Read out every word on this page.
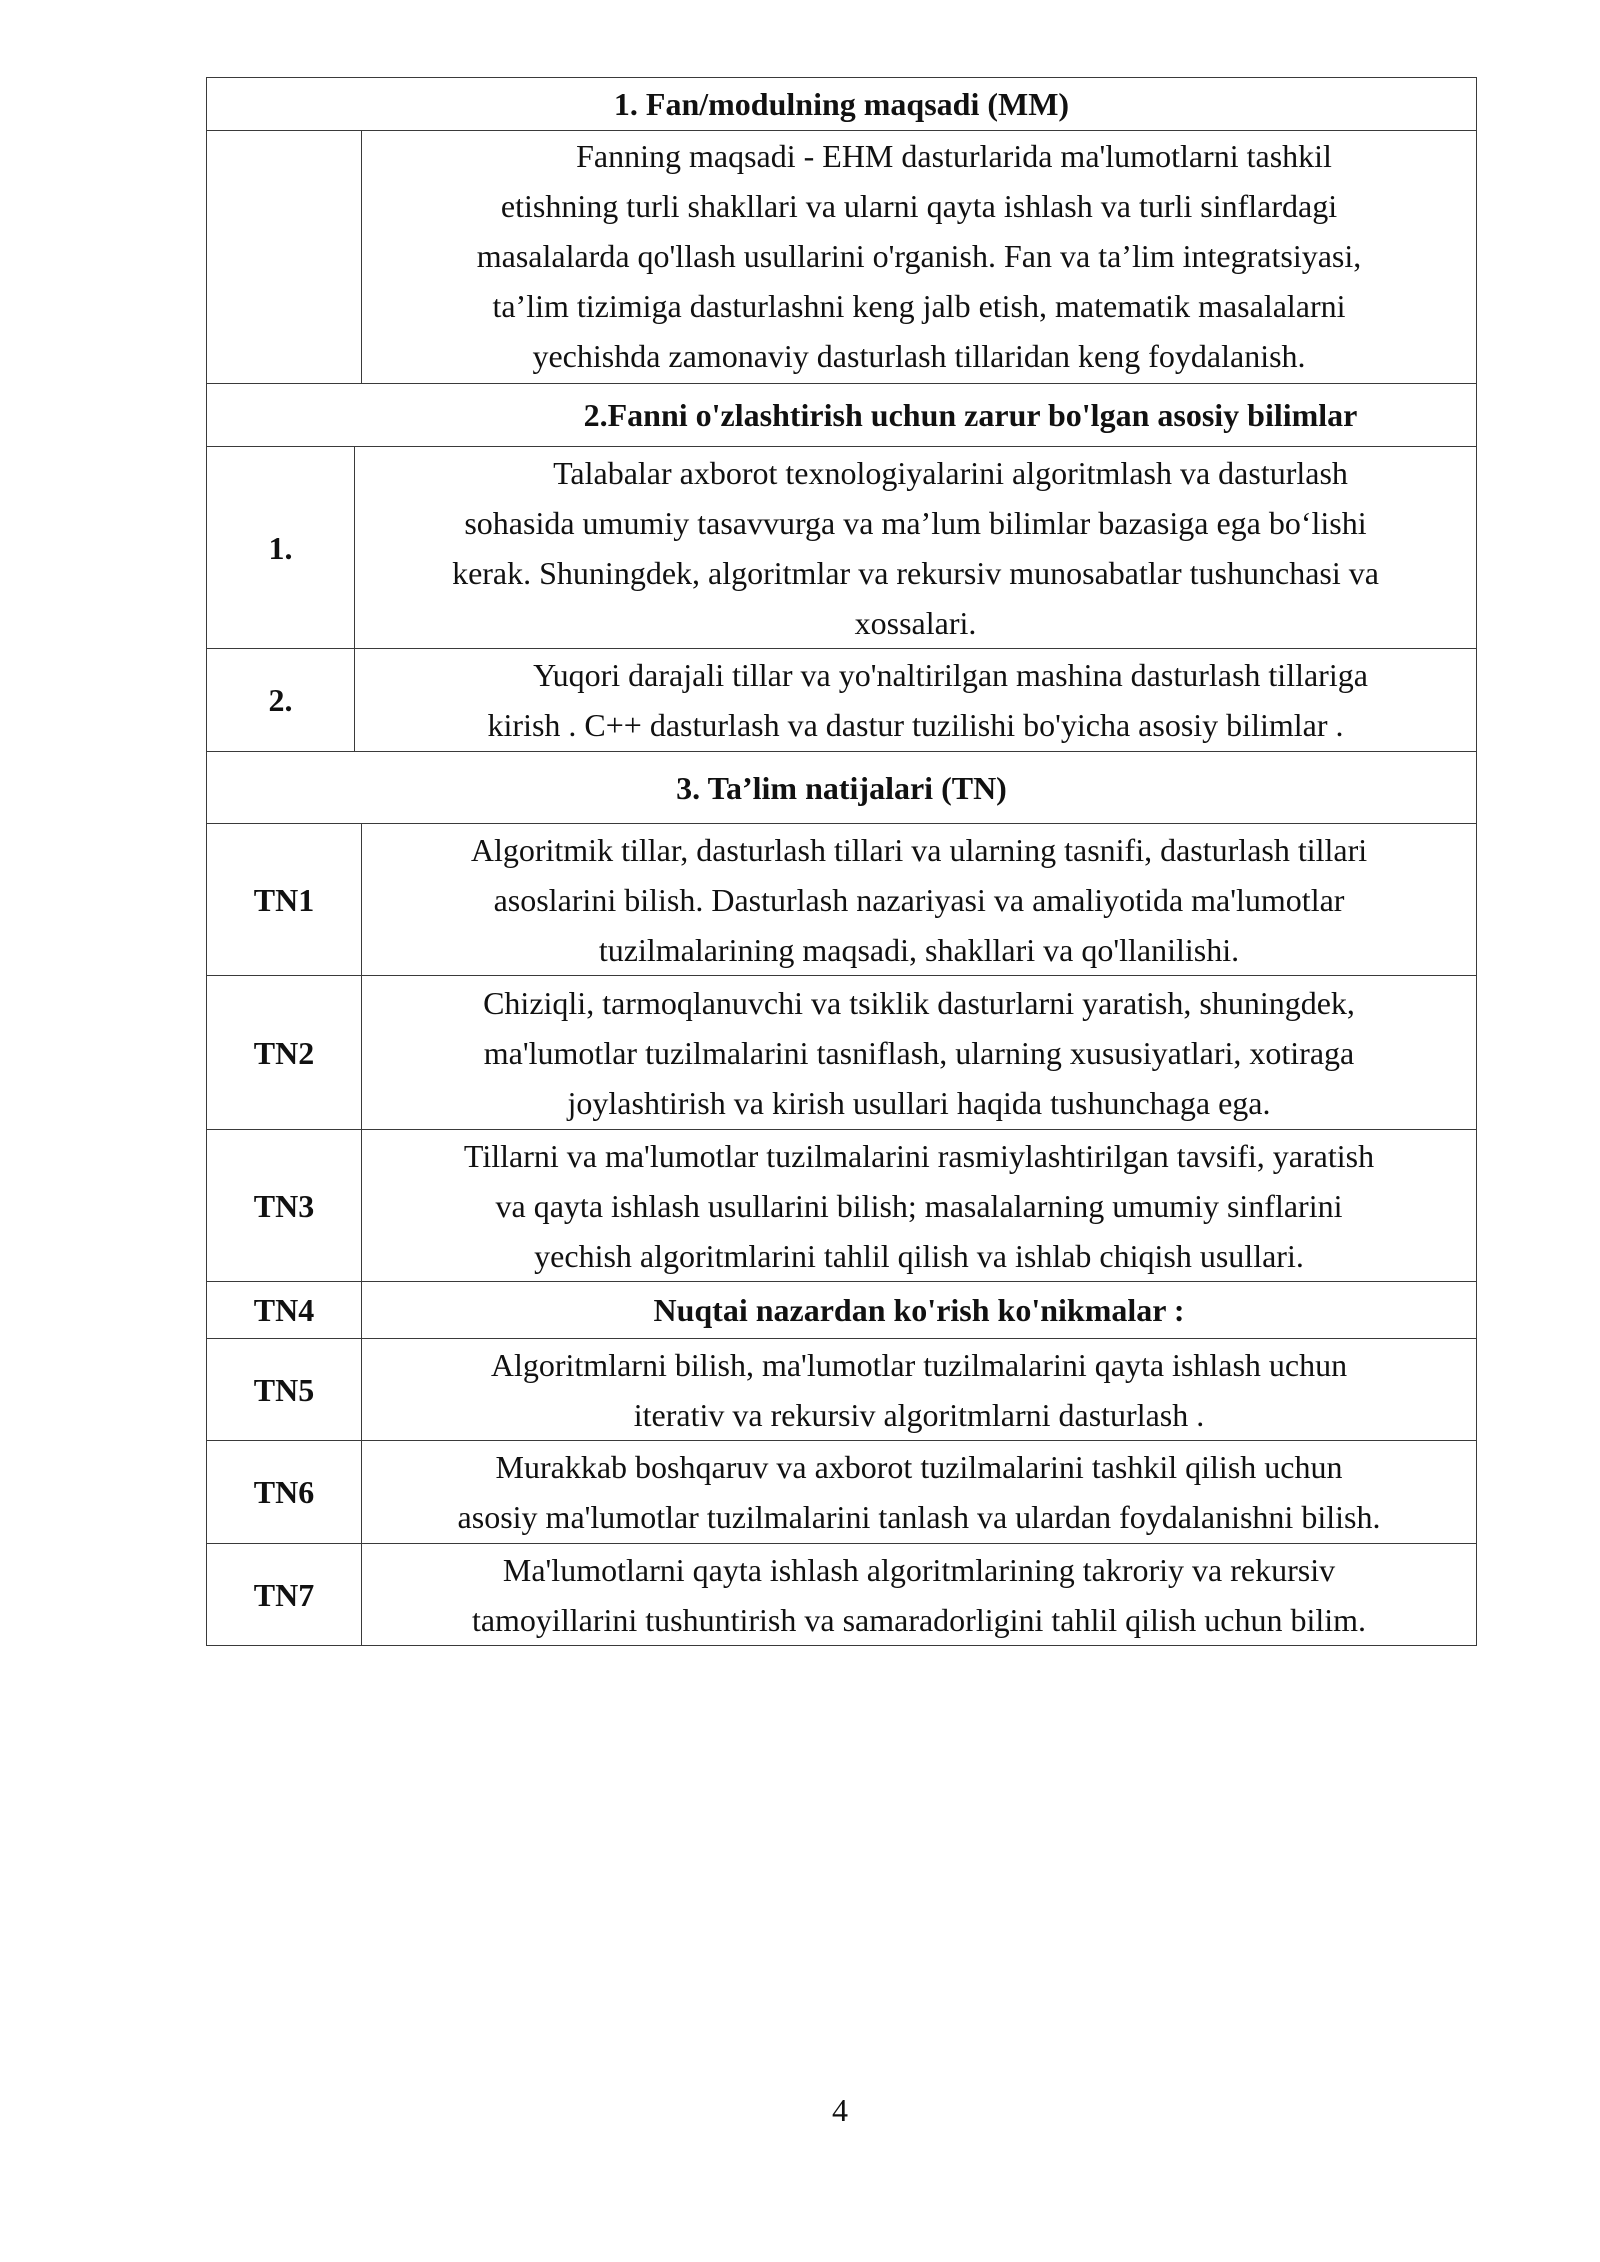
1. Fan/modulning maqsadi (MM)
Fanning maqsadi - EHM dasturlarida ma'lumotlarni tashkil
etishning turli shakllari va ularni qayta ishlash va turli sinflardagi
masalalarda qo'llash usullarini o'rganish. Fan va ta’lim integratsiyasi,
ta’lim tizimiga dasturlashni keng jalb etish, matematik masalalarni
yechishda zamonaviy dasturlash tillaridan keng foydalanish.
2.Fanni o'zlashtirish uchun zarur bo'lgan asosiy bilimlar
1.
Talabalar axborot texnologiyalarini algoritmlash va dasturlash
sohasida umumiy tasavvurga va ma’lum bilimlar bazasiga ega bo‘lishi
kerak. Shuningdek, algoritmlar va rekursiv munosabatlar tushunchasi va
xossalari.
2.
Yuqori darajali tillar va yo'naltirilgan mashina dasturlash tillariga
kirish . C++ dasturlash va dastur tuzilishi bo'yicha asosiy bilimlar .
3. Ta’lim natijalari (TN)
TN1
Algoritmik tillar, dasturlash tillari va ularning tasnifi, dasturlash tillari
asoslarini bilish. Dasturlash nazariyasi va amaliyotida ma'lumotlar
tuzilmalarining maqsadi, shakllari va qo'llanilishi.
TN2
Chiziqli, tarmoqlanuvchi va tsiklik dasturlarni yaratish, shuningdek,
ma'lumotlar tuzilmalarini tasniflash, ularning xususiyatlari, xotiraga
joylashtirish va kirish usullari haqida tushunchaga ega.
TN3
Tillarni va ma'lumotlar tuzilmalarini rasmiylashtirilgan tavsifi, yaratish
va qayta ishlash usullarini bilish; masalalarning umumiy sinflarini
yechish algoritmlarini tahlil qilish va ishlab chiqish usullari.
TN4	Nuqtai nazardan ko'rish ko'nikmalar :
TN5
Algoritmlarni bilish, ma'lumotlar tuzilmalarini qayta ishlash uchun
iterativ va rekursiv algoritmlarni dasturlash .
TN6
Murakkab boshqaruv va axborot tuzilmalarini tashkil qilish uchun
asosiy ma'lumotlar tuzilmalarini tanlash va ulardan foydalanishni bilish.
TN7
Ma'lumotlarni qayta ishlash algoritmlarining takroriy va rekursiv
tamoyillarini tushuntirish va samaradorligini tahlil qilish uchun bilim.
4
